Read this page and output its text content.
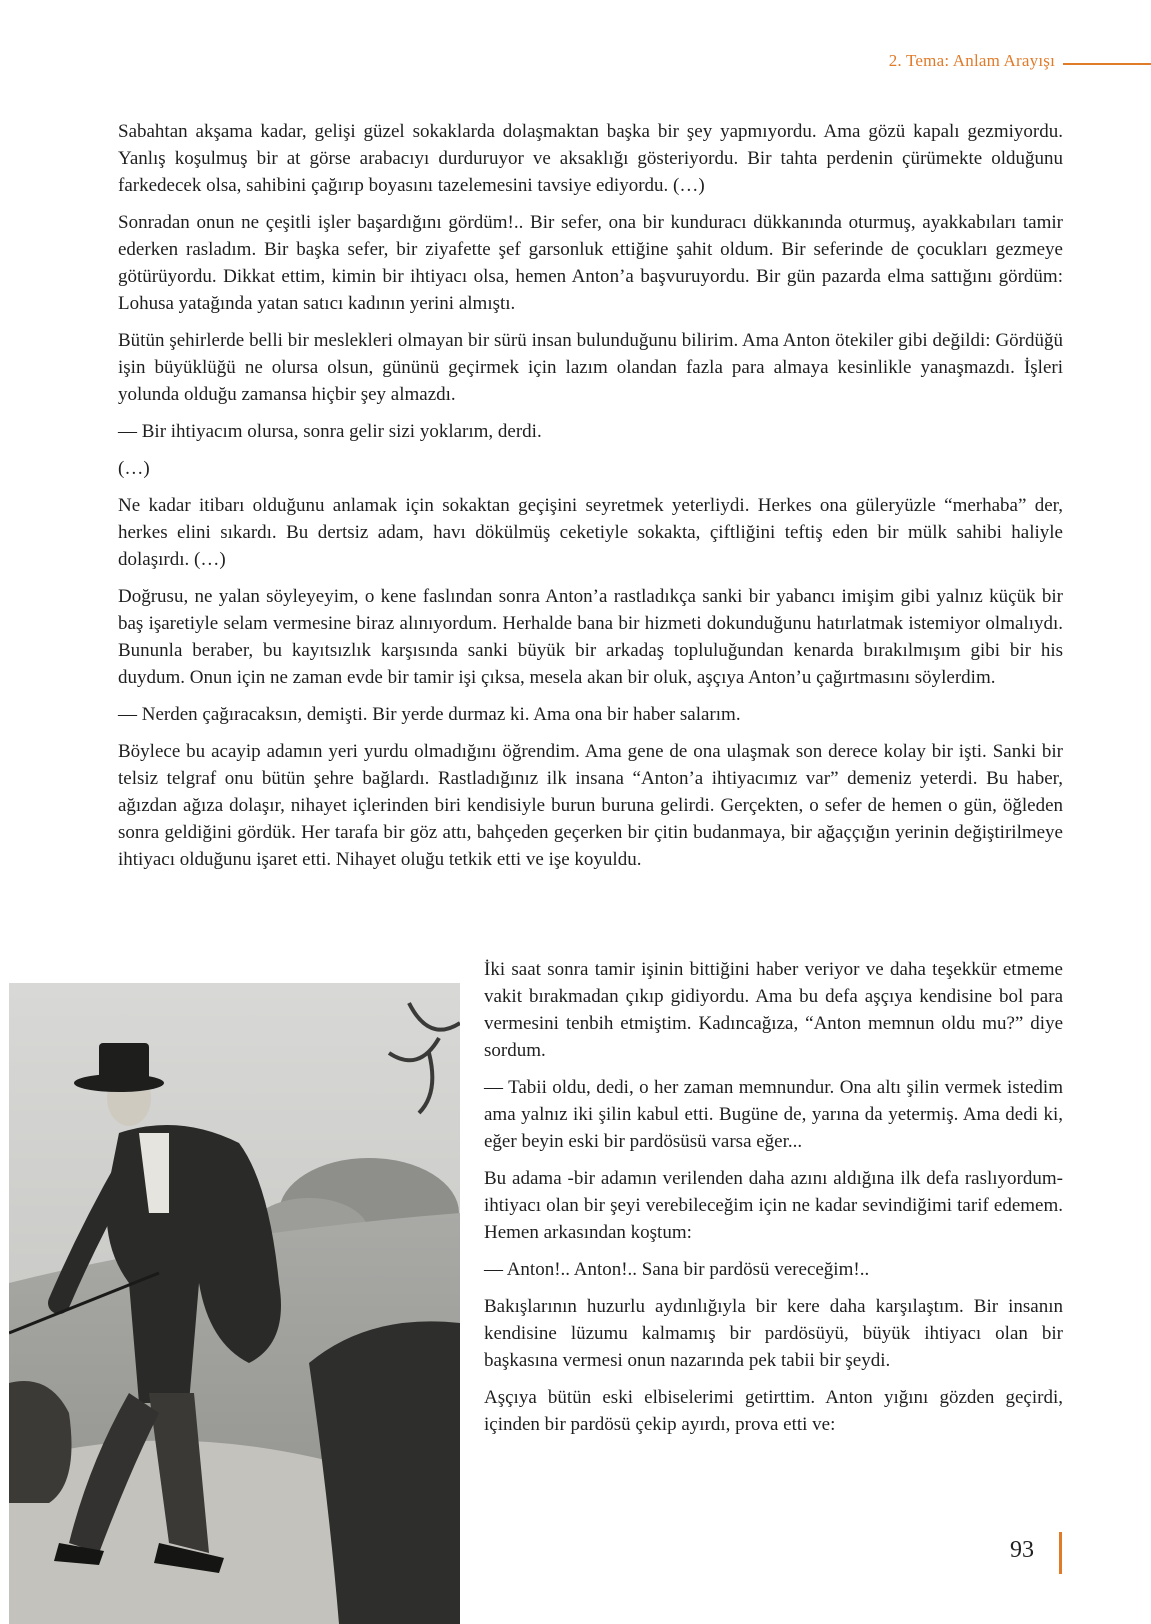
2. Tema: Anlam Arayışı

Sabahtan akşama kadar, gelişi güzel sokaklarda dolaşmaktan başka bir şey yapmıyordu. Ama gözü kapalı gezmiyordu. Yanlış koşulmuş bir at görse arabacıyı durduruyor ve aksaklığı gösteriyordu. Bir tahta perdenin çürümekte olduğunu farkedecek olsa, sahibini çağırıp boyasını tazelemesini tavsiye ediyordu. (…)

Sonradan onun ne çeşitli işler başardığını gördüm!.. Bir sefer, ona bir kunduracı dükkanında oturmuş, ayakkabıları tamir ederken rasladım. Bir başka sefer, bir ziyafette şef garsonluk ettiğine şahit oldum. Bir seferinde de çocukları gezmeye götürüyordu. Dikkat ettim, kimin bir ihtiyacı olsa, hemen Anton’a başvuruyordu. Bir gün pazarda elma sattığını gördüm: Lohusa yatağında yatan satıcı kadının yerini almıştı.

Bütün şehirlerde belli bir meslekleri olmayan bir sürü insan bulunduğunu bilirim. Ama Anton ötekiler gibi değildi: Gördüğü işin büyüklüğü ne olursa olsun, gününü geçirmek için lazım olandan fazla para almaya kesinlikle yanaşmazdı. İşleri yolunda olduğu zamansa hiçbir şey almazdı.

— Bir ihtiyacım olursa, sonra gelir sizi yoklarım, derdi.

(…)

Ne kadar itibarı olduğunu anlamak için sokaktan geçişini seyretmek yeterliydi. Herkes ona güleryüzle “merhaba” der, herkes elini sıkardı. Bu dertsiz adam, havı dökülmüş ceketiyle sokakta, çiftliğini teftiş eden bir mülk sahibi haliyle dolaşırdı. (…)

Doğrusu, ne yalan söyleyeyim, o kene faslından sonra Anton’a rastladıkça sanki bir yabancı imişim gibi yalnız küçük bir baş işaretiyle selam vermesine biraz alınıyordum. Herhalde bana bir hizmeti dokunduğunu hatırlatmak istemiyor olmalıydı. Bununla beraber, bu kayıtsızlık karşısında sanki büyük bir arkadaş topluluğundan kenarda bırakılmışım gibi bir his duydum. Onun için ne zaman evde bir tamir işi çıksa, mesela akan bir oluk, aşçıya Anton’u çağırtmasını söylerdim.

— Nerden çağıracaksın, demişti. Bir yerde durmaz ki. Ama ona bir haber salarım.

Böylece bu acayip adamın yeri yurdu olmadığını öğrendim. Ama gene de ona ulaşmak son derece kolay bir işti. Sanki bir telsiz telgraf onu bütün şehre bağlardı. Rastladığınız ilk insana “Anton’a ihtiyacımız var” demeniz yeterdi. Bu haber, ağızdan ağıza dolaşır, nihayet içlerinden biri kendisiyle burun buruna gelirdi. Gerçekten, o sefer de hemen o gün, öğleden sonra geldiğini gördük. Her tarafa bir göz attı, bahçeden geçerken bir çitin budanmaya, bir ağaççığın yerinin değiştirilmeye ihtiyacı olduğunu işaret etti. Nihayet oluğu tetkik etti ve işe koyuldu.

İki saat sonra tamir işinin bittiğini haber veriyor ve daha teşekkür etmeme vakit bırakmadan çıkıp gidiyordu. Ama bu defa aşçıya kendisine bol para vermesini tenbih etmiştim. Kadıncağıza, “Anton memnun oldu mu?” diye sordum.

— Tabii oldu, dedi, o her zaman memnundur. Ona altı şilin vermek istedim ama yalnız iki şilin kabul etti. Bugüne de, yarına da yetermiş. Ama dedi ki, eğer beyin eski bir pardösüsü varsa eğer...

Bu adama -bir adamın verilenden daha azını aldığına ilk defa raslıyordum- ihtiyacı olan bir şeyi verebileceğim için ne kadar sevindiğimi tarif edemem. Hemen arkasından koştum:

— Anton!.. Anton!.. Sana bir pardösü vereceğim!..

Bakışlarının huzurlu aydınlığıyla bir kere daha karşılaştım. Bir insanın kendisine lüzumu kalmamış bir pardösüyü, büyük ihtiyacı olan bir başkasına vermesi onun nazarında pek tabii bir şeydi.

Aşçıya bütün eski elbiselerimi getirttim. Anton yığını gözden geçirdi, içinden bir pardösü çekip ayırdı, prova etti ve:

93
